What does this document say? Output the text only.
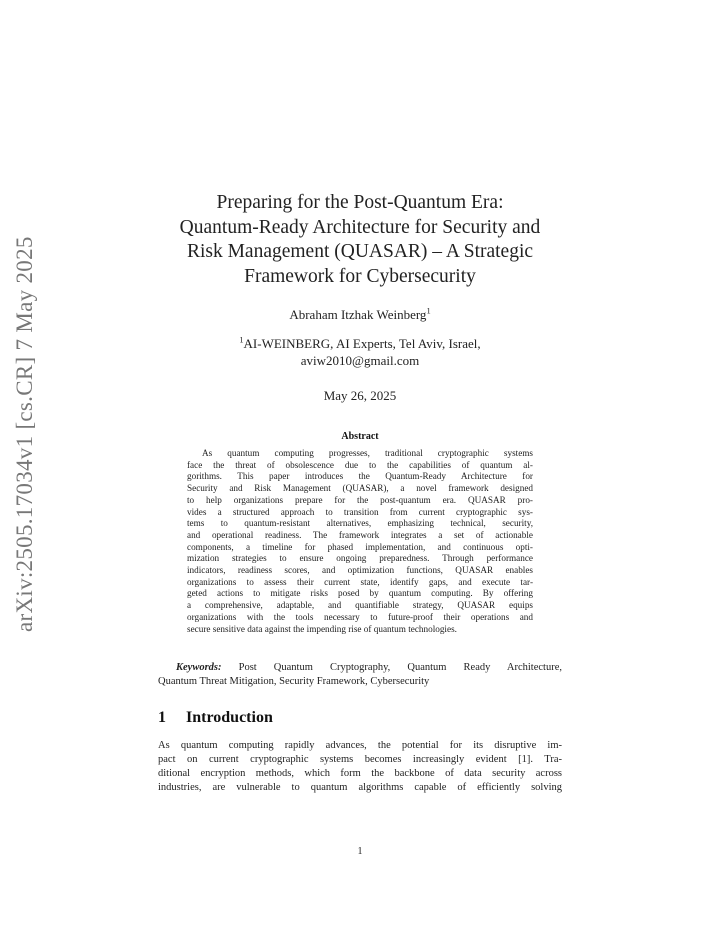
arXiv:2505.17034v1 [cs.CR] 7 May 2025
Preparing for the Post-Quantum Era:
Quantum-Ready Architecture for Security and
Risk Management (QUASAR) – A Strategic
Framework for Cybersecurity
Abraham Itzhak Weinberg$^1$
$^1$AI-WEINBERG, AI Experts, Tel Aviv, Israel,
aviw2010@gmail.com
May 26, 2025
Abstract
As quantum computing progresses, traditional cryptographic systems
face the threat of obsolescence due to the capabilities of quantum al-
gorithms. This paper introduces the Quantum-Ready Architecture for
Security and Risk Management (QUASAR), a novel framework designed
to help organizations prepare for the post-quantum era. QUASAR pro-
vides a structured approach to transition from current cryptographic sys-
tems to quantum-resistant alternatives, emphasizing technical, security,
and operational readiness. The framework integrates a set of actionable
components, a timeline for phased implementation, and continuous opti-
mization strategies to ensure ongoing preparedness. Through performance
indicators, readiness scores, and optimization functions, QUASAR enables
organizations to assess their current state, identify gaps, and execute tar-
geted actions to mitigate risks posed by quantum computing. By offering
a comprehensive, adaptable, and quantifiable strategy, QUASAR equips
organizations with the tools necessary to future-proof their operations and
secure sensitive data against the impending rise of quantum technologies.
Keywords: Post Quantum Cryptography, Quantum Ready Architecture,
Quantum Threat Mitigation, Security Framework, Cybersecurity
1 Introduction
As quantum computing rapidly advances, the potential for its disruptive im-
pact on current cryptographic systems becomes increasingly evident [1]. Tra-
ditional encryption methods, which form the backbone of data security across
industries, are vulnerable to quantum algorithms capable of efficiently solving
1
